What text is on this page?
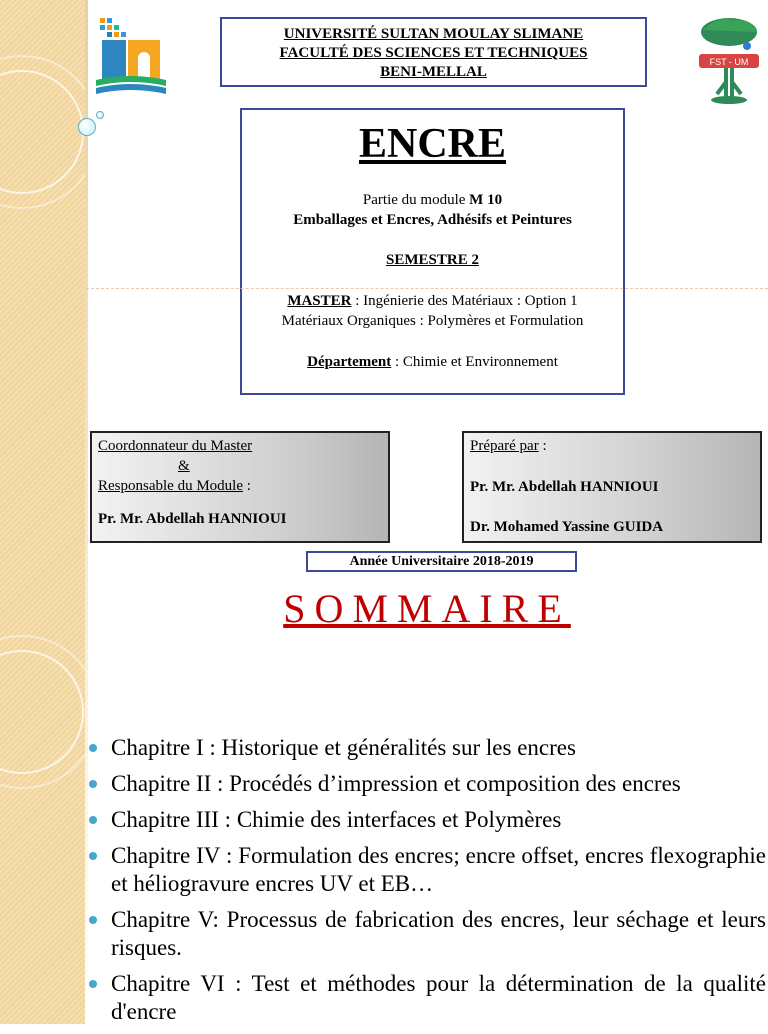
FST - UM
UNIVERSITÉ SULTAN MOULAY SLIMANE
FACULTÉ DES SCIENCES ET TECHNIQUES
BENI-MELLAL
ENCRE
Partie du module M 10
Emballages et Encres, Adhésifs et Peintures
SEMESTRE 2
MASTER : Ingénierie des Matériaux : Option 1
Matériaux Organiques : Polymères et Formulation
Département : Chimie et Environnement
Coordonnateur du Master
&
Responsable du Module :
Pr. Mr. Abdellah HANNIOUI
Préparé par :
Pr. Mr. Abdellah HANNIOUI
Dr. Mohamed Yassine GUIDA
Année Universitaire 2018-2019
SOMMAIRE
Chapitre I : Historique et généralités sur les encres
Chapitre II : Procédés d’impression et composition des encres
Chapitre III : Chimie des interfaces et Polymères
Chapitre IV : Formulation des encres; encre offset, encres flexographie et héliogravure encres UV et EB…
Chapitre V: Processus de fabrication des encres, leur séchage et leurs risques.
Chapitre VI : Test et méthodes pour la détermination de la qualité d'encre
